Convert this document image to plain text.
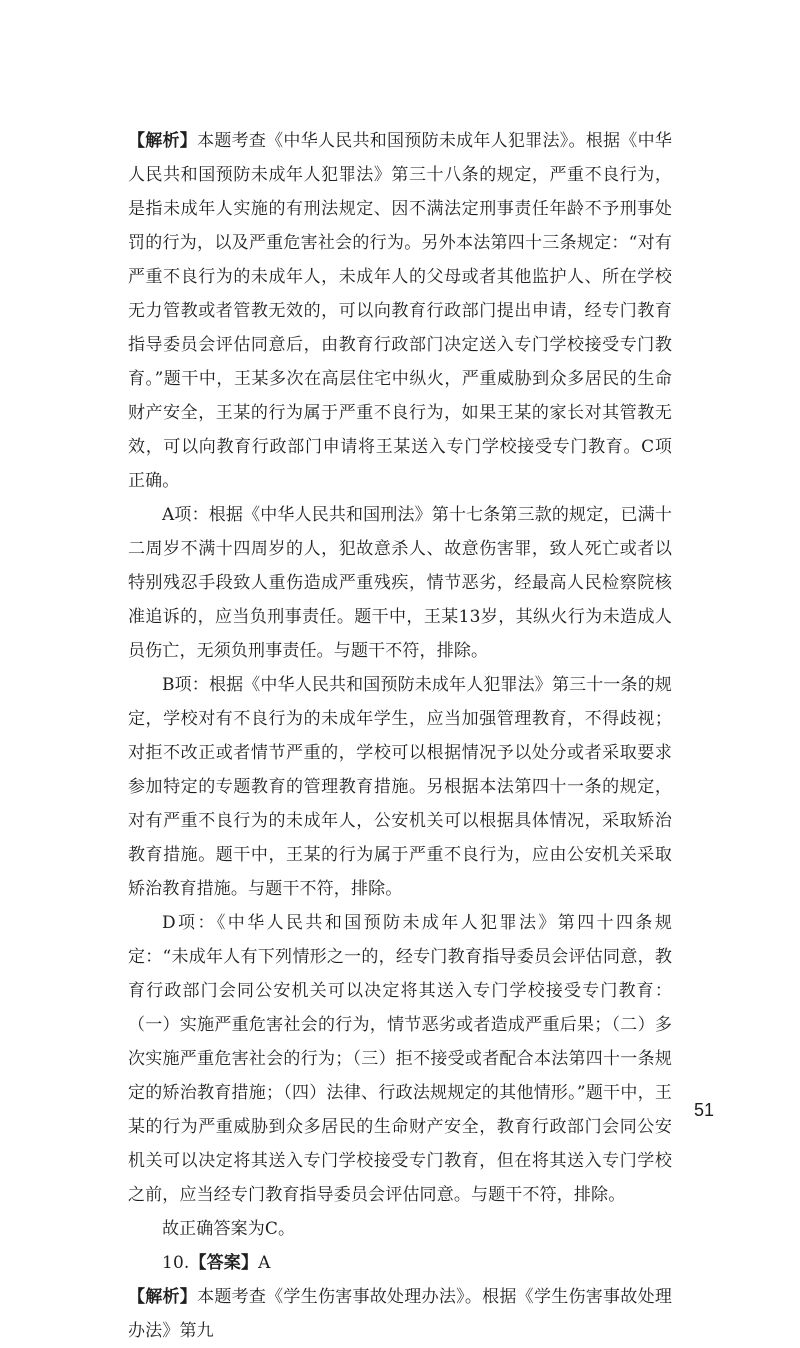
【解析】本题考查《中华人民共和国预防未成年人犯罪法》。根据《中华人民共和国预防未成年人犯罪法》第三十八条的规定，严重不良行为，是指未成年人实施的有刑法规定、因不满法定刑事责任年龄不予刑事处罚的行为，以及严重危害社会的行为。另外本法第四十三条规定：“对有严重不良行为的未成年人，未成年人的父母或者其他监护人、所在学校无力管教或者管教无效的，可以向教育行政部门提出申请，经专门教育指导委员会评估同意后，由教育行政部门决定送入专门学校接受专门教育。”题干中，王某多次在高层住宅中纵火，严重威胁到众多居民的生命财产安全，王某的行为属于严重不良行为，如果王某的家长对其管教无效，可以向教育行政部门申请将王某送入专门学校接受专门教育。C项正确。

A项：根据《中华人民共和国刑法》第十七条第三款的规定，已满十二周岁不满十四周岁的人，犯故意杀人、故意伤害罪，致人死亡或者以特别残忍手段致人重伤造成严重残疾，情节恶劣，经最高人民检察院核准追诉的，应当负刑事责任。题干中，王某13岁，其纵火行为未造成人员伤亡，无须负刑事责任。与题干不符，排除。

B项：根据《中华人民共和国预防未成年人犯罪法》第三十一条的规定，学校对有不良行为的未成年学生，应当加强管理教育，不得歧视；对拒不改正或者情节严重的，学校可以根据情况予以处分或者采取要求参加特定的专题教育的管理教育措施。另根据本法第四十一条的规定，对有严重不良行为的未成年人，公安机关可以根据具体情况，采取矫治教育措施。题干中，王某的行为属于严重不良行为，应由公安机关采取矫治教育措施。与题干不符，排除。

D项：《中华人民共和国预防未成年人犯罪法》第四十四条规定：“未成年人有下列情形之一的，经专门教育指导委员会评估同意，教育行政部门会同公安机关可以决定将其送入专门学校接受专门教育：（一）实施严重危害社会的行为，情节恶劣或者造成严重后果；（二）多次实施严重危害社会的行为；（三）拒不接受或者配合本法第四十一条规定的矫治教育措施；（四）法律、行政法规规定的其他情形。”题干中，王某的行为严重威胁到众多居民的生命财产安全，教育行政部门会同公安机关可以决定将其送入专门学校接受专门教育，但在将其送入专门学校之前，应当经专门教育指导委员会评估同意。与题干不符，排除。

故正确答案为C。

10.【答案】A

【解析】本题考查《学生伤害事故处理办法》。根据《学生伤害事故处理办法》第九

51
